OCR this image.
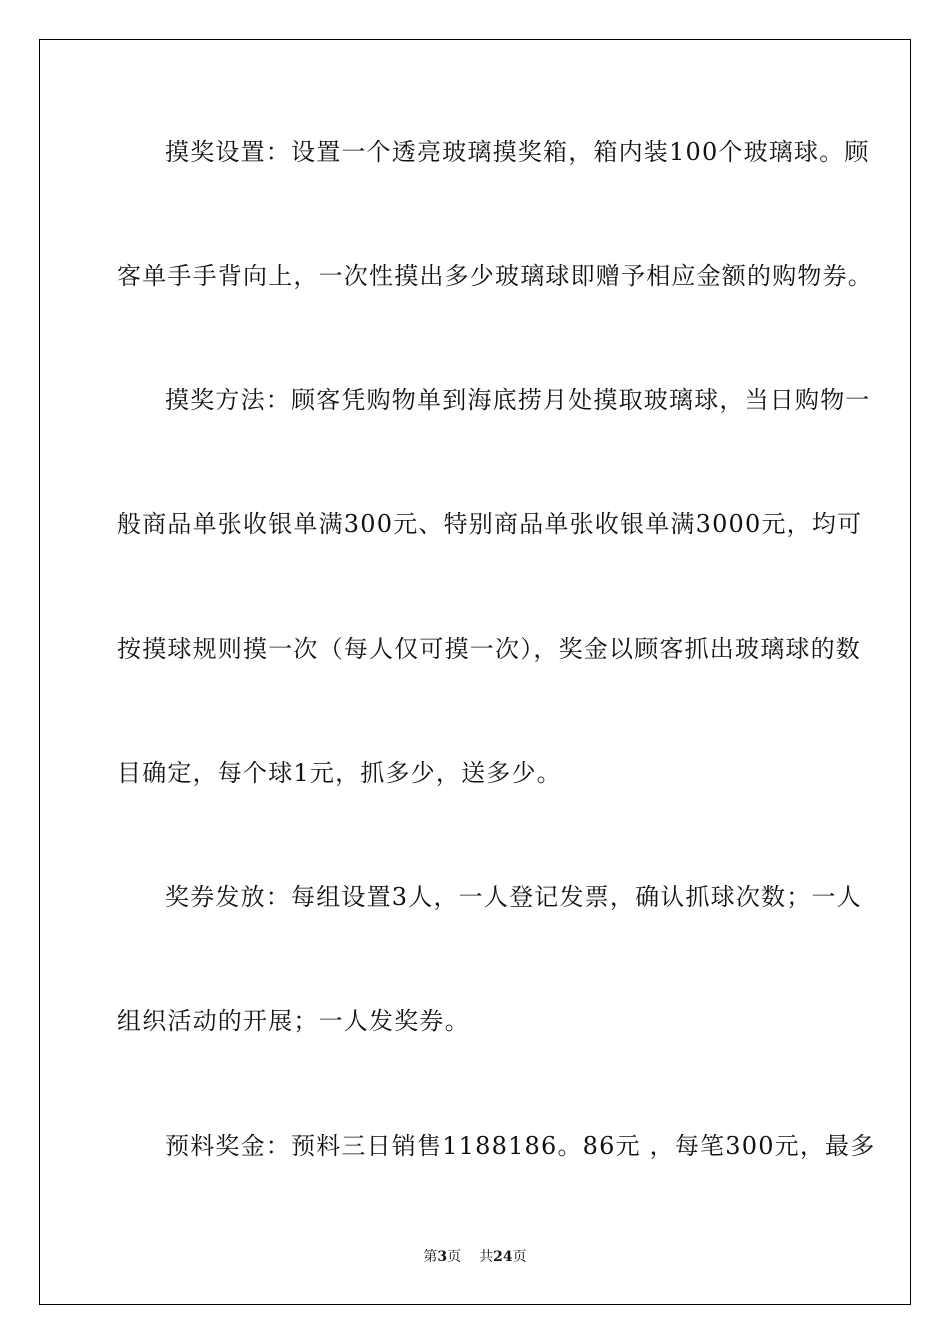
摸奖设置：设置一个透亮玻璃摸奖箱，箱内装100个玻璃球。顾
客单手手背向上，一次性摸出多少玻璃球即赠予相应金额的购物券。
摸奖方法：顾客凭购物单到海底捞月处摸取玻璃球，当日购物一
般商品单张收银单满300元、特别商品单张收银单满3000元，均可
按摸球规则摸一次（每人仅可摸一次），奖金以顾客抓出玻璃球的数
目确定，每个球1元，抓多少，送多少。
奖券发放：每组设置3人，一人登记发票，确认抓球次数；一人
组织活动的开展；一人发奖券。
预料奖金：预料三日销售1188186。86元 ，每笔300元，最多
第3页 共24页
